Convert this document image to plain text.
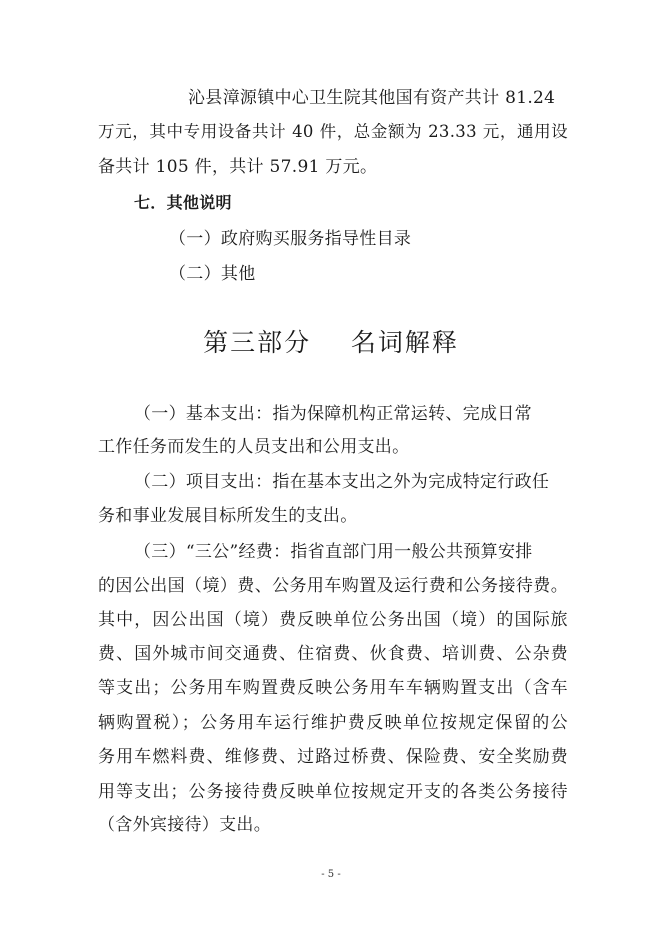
沁县漳源镇中心卫生院其他国有资产共计 81.24
万元，其中专用设备共计 40 件，总金额为 23.33 元，通用设
备共计 105 件，共计 57.91 万元。
七．其他说明
（一）政府购买服务指导性目录
（二）其他
第三部分    名词解释
（一）基本支出：指为保障机构正常运转、完成日常
工作任务而发生的人员支出和公用支出。
（二）项目支出：指在基本支出之外为完成特定行政任
务和事业发展目标所发生的支出。
（三）“三公”经费：指省直部门用一般公共预算安排
的因公出国（境）费、公务用车购置及运行费和公务接待费。
其中，因公出国（境）费反映单位公务出国（境）的国际旅
费、国外城市间交通费、住宿费、伙食费、培训费、公杂费
等支出；公务用车购置费反映公务用车车辆购置支出（含车
辆购置税）；公务用车运行维护费反映单位按规定保留的公
务用车燃料费、维修费、过路过桥费、保险费、安全奖励费
用等支出；公务接待费反映单位按规定开支的各类公务接待
（含外宾接待）支出。
- 5 -
